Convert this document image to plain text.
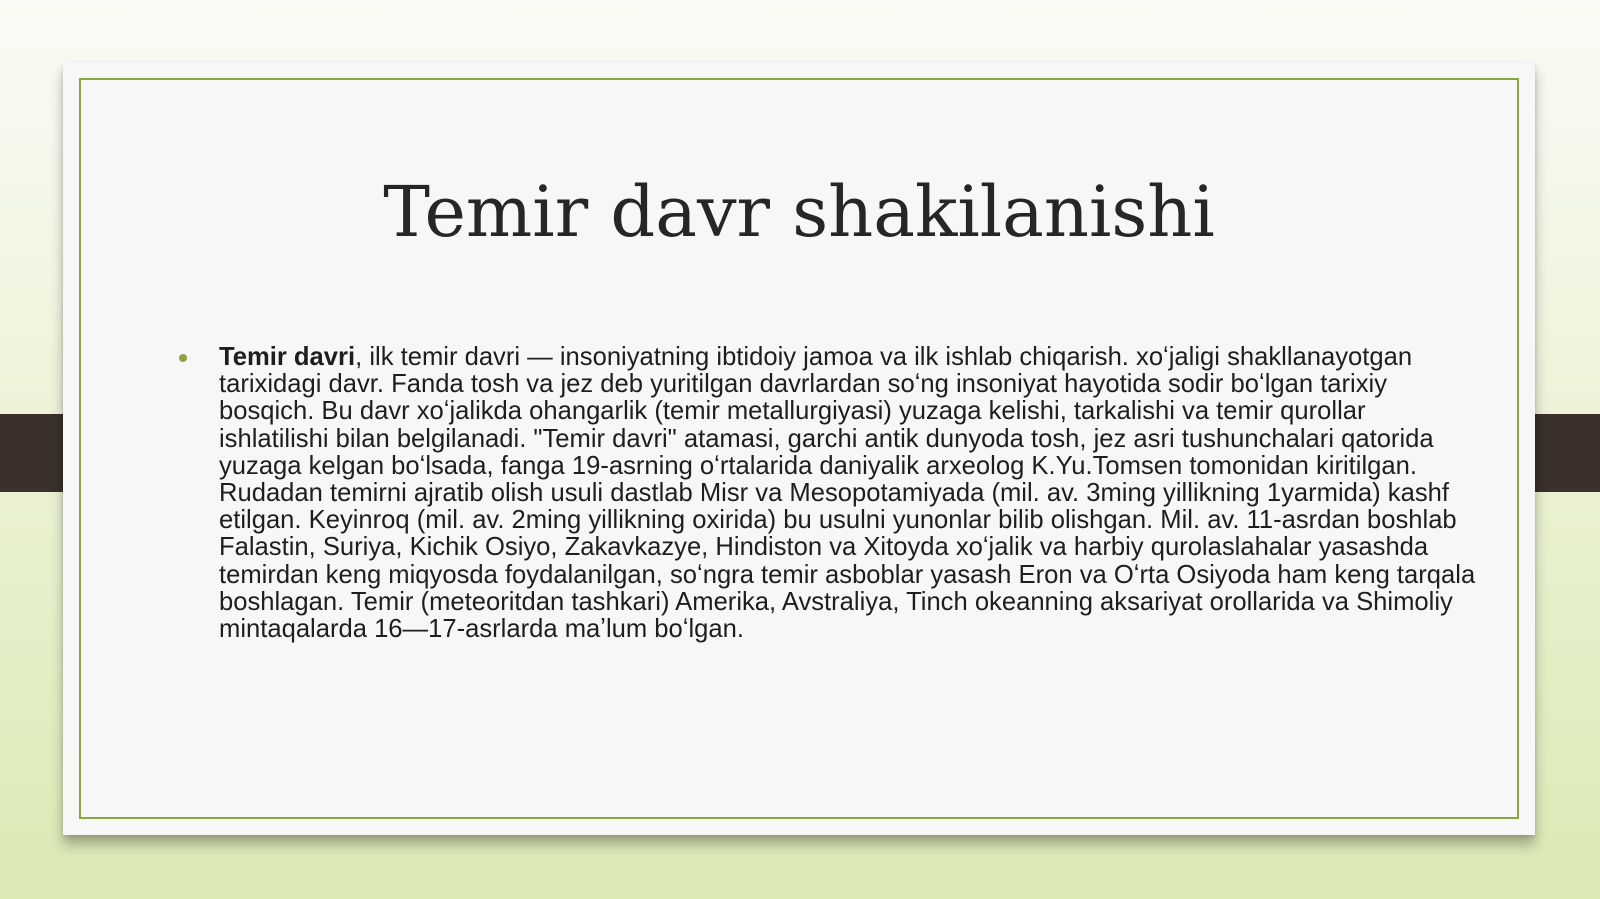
Temir davr shakilanishi
Temir davri, ilk temir davri — insoniyatning ibtidoiy jamoa va ilk ishlab chiqarish. xoʻjaligi shakllanayotgan tarixidagi davr. Fanda tosh va jez deb yuritilgan davrlardan soʻng insoniyat hayotida sodir boʻlgan tarixiy bosqich. Bu davr xoʻjalikda ohangarlik (temir metallurgiyasi) yuzaga kelishi, tarkalishi va temir qurollar ishlatilishi bilan belgilanadi. "Temir davri" atamasi, garchi antik dunyoda tosh, jez asri tushunchalari qatorida yuzaga kelgan boʻlsada, fanga 19-asrning oʻrtalarida daniyalik arxeolog K.Yu.Tomsen tomonidan kiritilgan. Rudadan temirni ajratib olish usuli dastlab Misr va Mesopotamiyada (mil. av. 3ming yillikning 1yarmida) kashf etilgan. Keyinroq (mil. av. 2ming yillikning oxirida) bu usulni yunonlar bilib olishgan. Mil. av. 11-asrdan boshlab Falastin, Suriya, Kichik Osiyo, Zakavkazye, Hindiston va Xitoyda xoʻjalik va harbiy qurolaslahalar yasashda temirdan keng miqyosda foydalanilgan, soʻngra temir asboblar yasash Eron va Oʻrta Osiyoda ham keng tarqala boshlagan. Temir (meteoritdan tashkari) Amerika, Avstraliya, Tinch okeanning aksariyat orollarida va Shimoliy mintaqalarda 16—17-asrlarda maʼlum boʻlgan.
